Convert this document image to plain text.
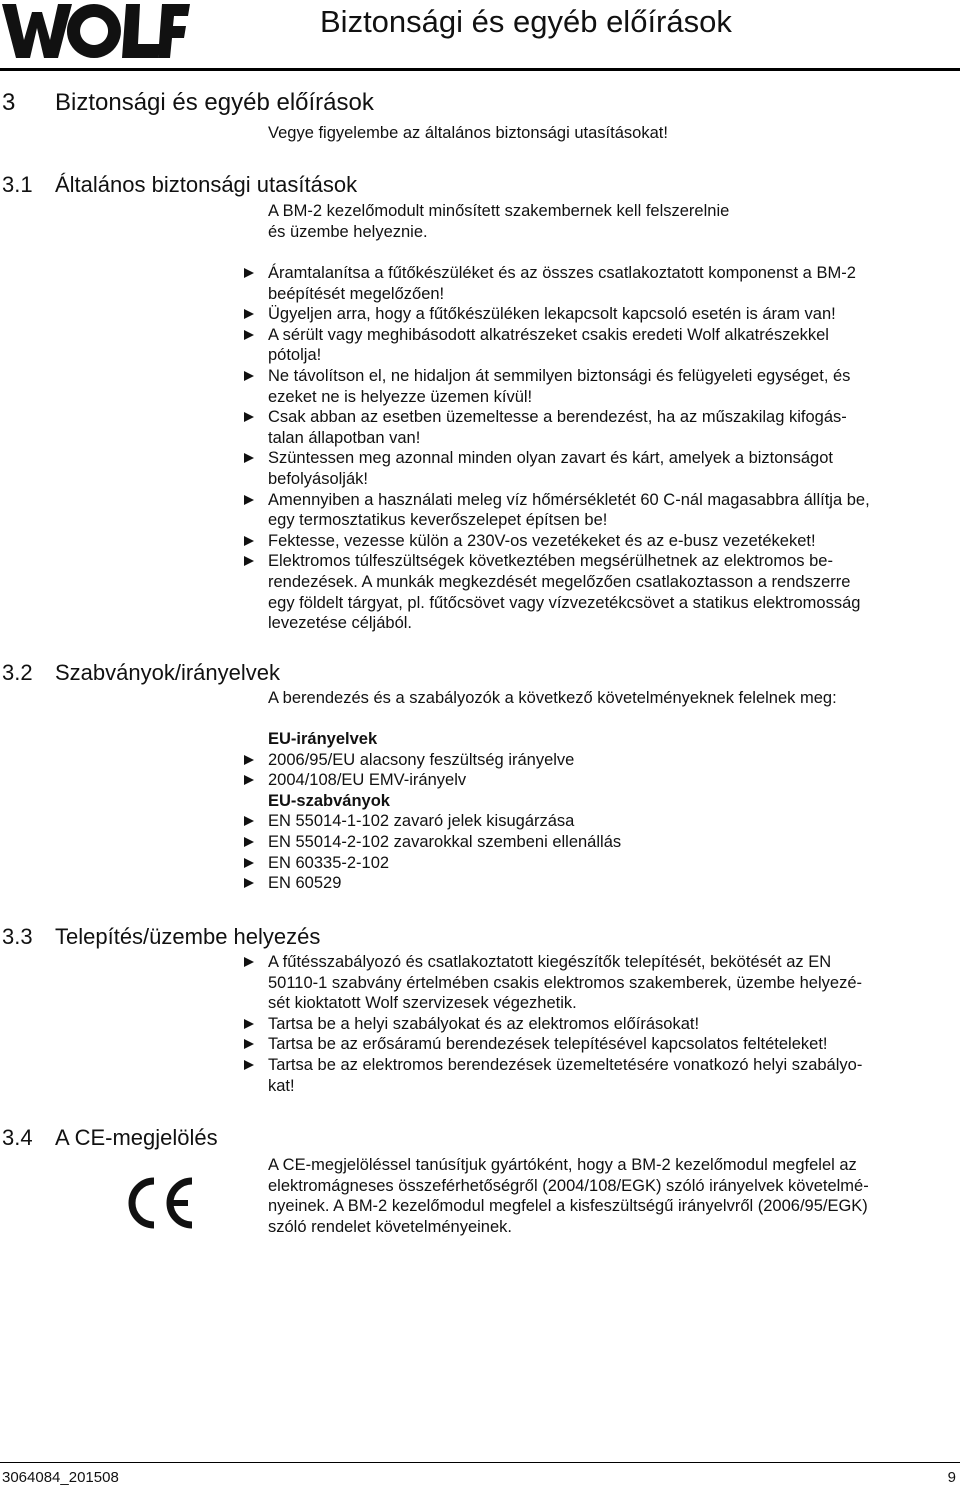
Biztonsági és egyéb előírások
3 Biztonsági és egyéb előírások
Vegye figyelembe az általános biztonsági utasításokat!
3.1 Általános biztonsági utasítások
A BM-2 kezelőmodult minősített szakembernek kell felszerelnie
és üzembe helyeznie.
Áramtalanítsa a fűtőkészüléket és az összes csatlakoztatott komponenst a BM-2
beépítését megelőzően!
Ügyeljen arra, hogy a fűtőkészüléken lekapcsolt kapcsoló esetén is áram van!
A sérült vagy meghibásodott alkatrészeket csakis eredeti Wolf alkatrészekkel
pótolja!
Ne távolítson el, ne hidaljon át semmilyen biztonsági és felügyeleti egységet, és
ezeket ne is helyezze üzemen kívül!
Csak abban az esetben üzemeltesse a berendezést, ha az műszakilag kifogás-
talan állapotban van!
Szüntessen meg azonnal minden olyan zavart és kárt, amelyek a biztonságot
befolyásolják!
Amennyiben a használati meleg víz hőmérsékletét 60 C-nál magasabbra állítja be,
egy termosztatikus keverőszelepet építsen be!
Fektesse, vezesse külön a 230V-os vezetékeket és az e-busz vezetékeket!
Elektromos túlfeszültségek következtében megsérülhetnek az elektromos be-
rendezések. A munkák megkezdését megelőzően csatlakoztasson a rendszerre
egy földelt tárgyat, pl. fűtőcsövet vagy vízvezetékcsövet a statikus elektromosság
levezetése céljából.
3.2 Szabványok/irányelvek
A berendezés és a szabályozók a következő követelményeknek felelnek meg:
EU-irányelvek
2006/95/EU alacsony feszültség irányelve
2004/108/EU EMV-irányelv
EU-szabványok
EN 55014-1-102 zavaró jelek kisugárzása
EN 55014-2-102 zavarokkal szembeni ellenállás
EN 60335-2-102
EN 60529
3.3 Telepítés/üzembe helyezés
A fűtésszabályozó és csatlakoztatott kiegészítők telepítését, bekötését az EN
50110-1 szabvány értelmében csakis elektromos szakemberek, üzembe helyezé-
sét kioktatott Wolf szervizesek végezhetik.
Tartsa be a helyi szabályokat és az elektromos előírásokat!
Tartsa be az erősáramú berendezések telepítésével kapcsolatos feltételeket!
Tartsa be az elektromos berendezések üzemeltetésére vonatkozó helyi szabályo-
kat!
3.4 A CE-megjelölés
CE
A CE-megjelöléssel tanúsítjuk gyártóként, hogy a BM-2 kezelőmodul megfelel az
elektromágneses összeférhetőségről (2004/108/EGK) szóló irányelvek követelmé-
nyeinek. A BM-2 kezelőmodul megfelel a kisfeszültségű irányelvről (2006/95/EGK)
szóló rendelet követelményeinek.
3064084_201508	9
